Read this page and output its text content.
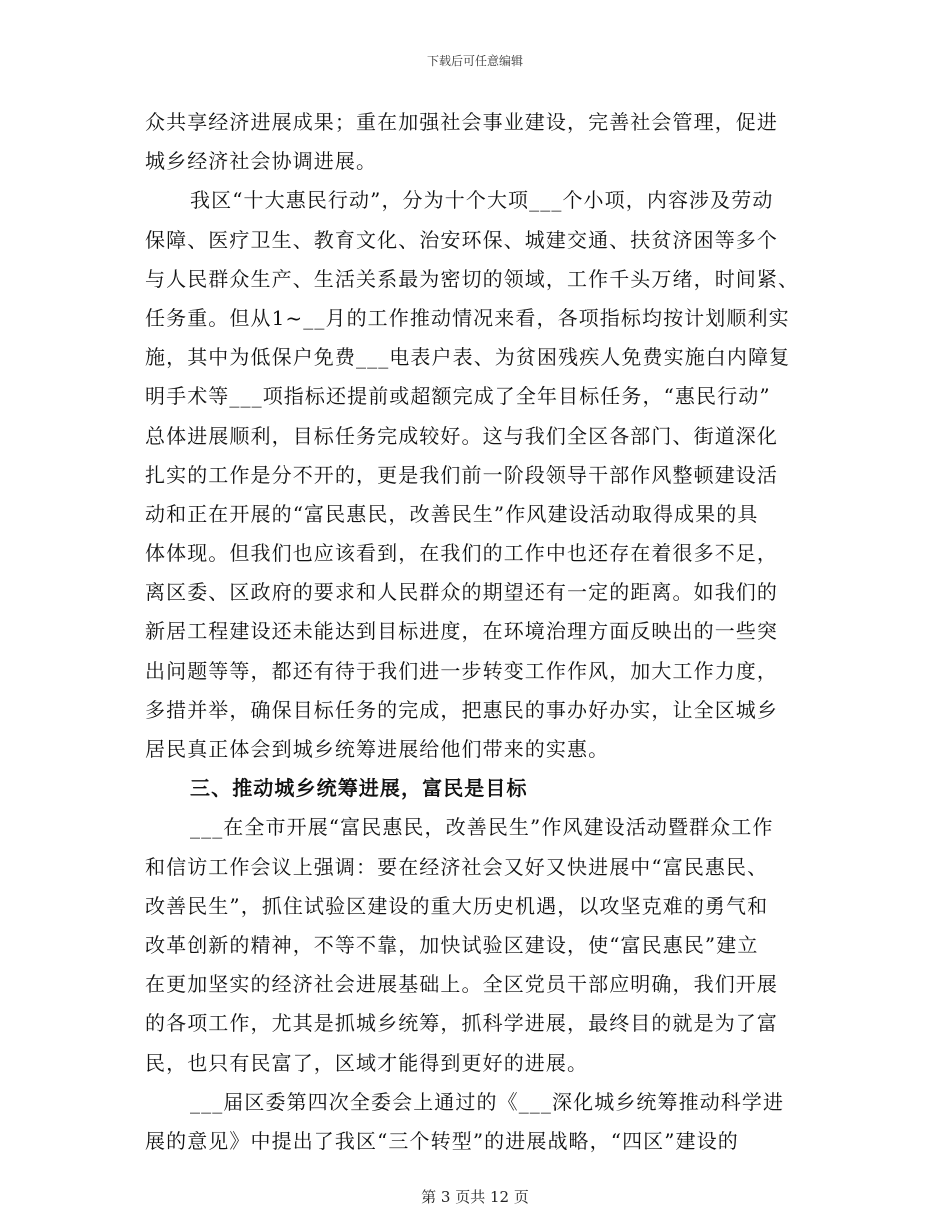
下载后可任意编辑
众共享经济进展成果；重在加强社会事业建设，完善社会管理，促进
城乡经济社会协调进展。
我区“十大惠民行动”，分为十个大项___个小项，内容涉及劳动
保障、医疗卫生、教育文化、治安环保、城建交通、扶贫济困等多个
与人民群众生产、生活关系最为密切的领域，工作千头万绪，时间紧、
任务重。但从1~__月的工作推动情况来看，各项指标均按计划顺利实
施，其中为低保户免费___电表户表、为贫困残疾人免费实施白内障复
明手术等___项指标还提前或超额完成了全年目标任务，“惠民行动”
总体进展顺利，目标任务完成较好。这与我们全区各部门、街道深化
扎实的工作是分不开的，更是我们前一阶段领导干部作风整顿建设活
动和正在开展的“富民惠民，改善民生”作风建设活动取得成果的具
体体现。但我们也应该看到，在我们的工作中也还存在着很多不足，
离区委、区政府的要求和人民群众的期望还有一定的距离。如我们的
新居工程建设还未能达到目标进度，在环境治理方面反映出的一些突
出问题等等，都还有待于我们进一步转变工作作风，加大工作力度，
多措并举，确保目标任务的完成，把惠民的事办好办实，让全区城乡
居民真正体会到城乡统筹进展给他们带来的实惠。
三、推动城乡统筹进展，富民是目标
___在全市开展“富民惠民，改善民生”作风建设活动暨群众工作
和信访工作会议上强调：要在经济社会又好又快进展中“富民惠民、
改善民生”，抓住试验区建设的重大历史机遇，以攻坚克难的勇气和
改革创新的精神，不等不靠，加快试验区建设，使“富民惠民”建立
在更加坚实的经济社会进展基础上。全区党员干部应明确，我们开展
的各项工作，尤其是抓城乡统筹，抓科学进展，最终目的就是为了富
民，也只有民富了，区域才能得到更好的进展。
___届区委第四次全委会上通过的《___深化城乡统筹推动科学进
展的意见》中提出了我区“三个转型”的进展战略，“四区”建设的
第 3 页共 12 页
